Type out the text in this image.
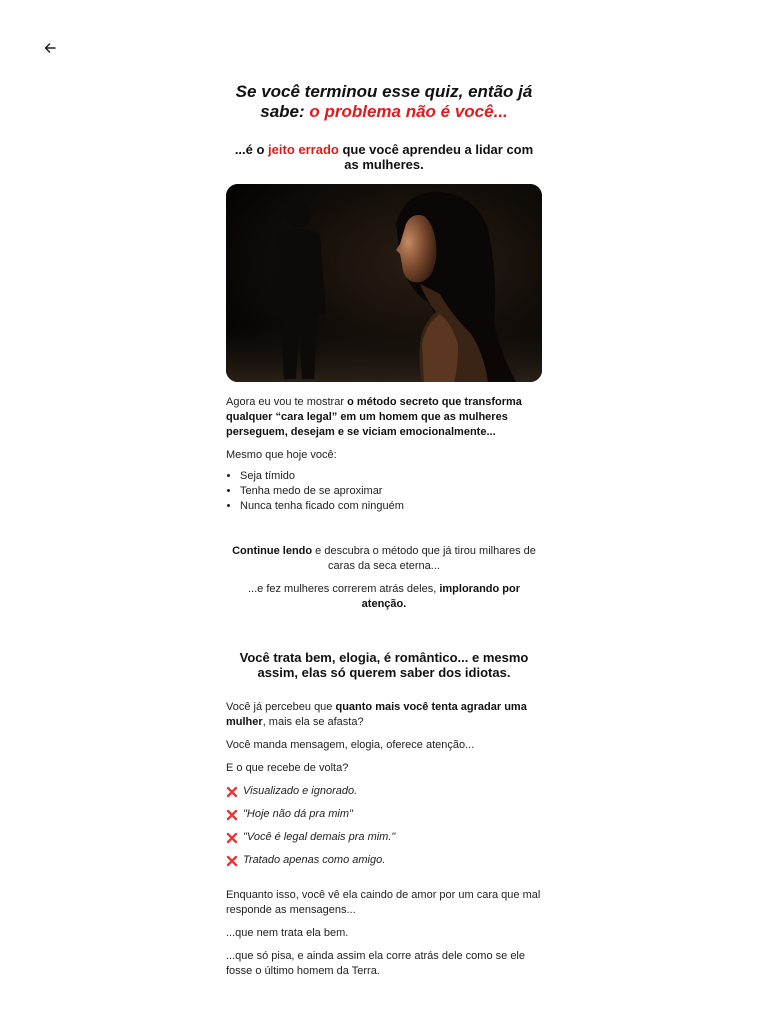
Se você terminou esse quiz, então já sabe: o problema não é você...
...é o jeito errado que você aprendeu a lidar com as mulheres.

Agora eu vou te mostrar o método secreto que transforma qualquer “cara legal” em um homem que as mulheres perseguem, desejam e se viciam emocionalmente...

Mesmo que hoje você:

• Seja tímido
• Tenha medo de se aproximar
• Nunca tenha ficado com ninguém

Continue lendo e descubra o método que já tirou milhares de caras da seca eterna...

...e fez mulheres correrem atrás deles, implorando por atenção.

Você trata bem, elogia, é romântico... e mesmo assim, elas só querem saber dos idiotas.

Você já percebeu que quanto mais você tenta agradar uma mulher, mais ela se afasta?

Você manda mensagem, elogia, oferece atenção...

E o que recebe de volta?

Visualizado e ignorado.
"Hoje não dá pra mim"
"Você é legal demais pra mim."
Tratado apenas como amigo.

Enquanto isso, você vê ela caindo de amor por um cara que mal responde as mensagens...

...que nem trata ela bem.

...que só pisa, e ainda assim ela corre atrás dele como se ele fosse o último homem da Terra.
